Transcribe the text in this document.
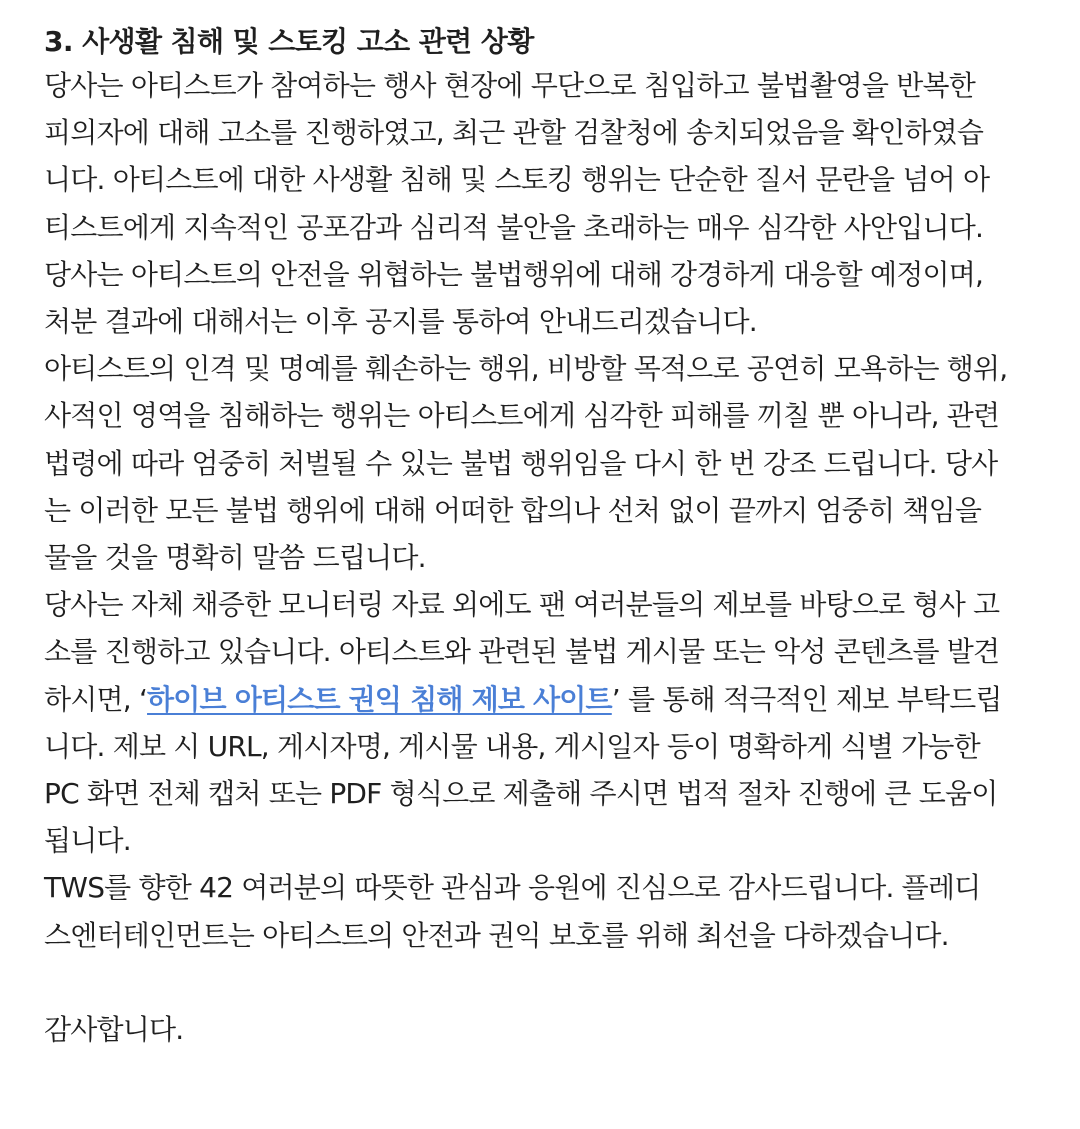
3. 사생활 침해 및 스토킹 고소 관련 상황

당사는 아티스트가 참여하는 행사 현장에 무단으로 침입하고 불법촬영을 반복한
피의자에 대해 고소를 진행하였고, 최근 관할 검찰청에 송치되었음을 확인하였습
니다. 아티스트에 대한 사생활 침해 및 스토킹 행위는 단순한 질서 문란을 넘어 아
티스트에게 지속적인 공포감과 심리적 불안을 초래하는 매우 심각한 사안입니다.
당사는 아티스트의 안전을 위협하는 불법행위에 대해 강경하게 대응할 예정이며,
처분 결과에 대해서는 이후 공지를 통하여 안내드리겠습니다.

아티스트의 인격 및 명예를 훼손하는 행위, 비방할 목적으로 공연히 모욕하는 행위,
사적인 영역을 침해하는 행위는 아티스트에게 심각한 피해를 끼칠 뿐 아니라, 관련
법령에 따라 엄중히 처벌될 수 있는 불법 행위임을 다시 한 번 강조 드립니다. 당사
는 이러한 모든 불법 행위에 대해 어떠한 합의나 선처 없이 끝까지 엄중히 책임을
물을 것을 명확히 말씀 드립니다.

당사는 자체 채증한 모니터링 자료 외에도 팬 여러분들의 제보를 바탕으로 형사 고
소를 진행하고 있습니다. 아티스트와 관련된 불법 게시물 또는 악성 콘텐츠를 발견
하시면, ‘하이브 아티스트 권익 침해 제보 사이트’ 를 통해 적극적인 제보 부탁드립
니다. 제보 시 URL, 게시자명, 게시물 내용, 게시일자 등이 명확하게 식별 가능한
PC 화면 전체 캡처 또는 PDF 형식으로 제출해 주시면 법적 절차 진행에 큰 도움이
됩니다.

TWS를 향한 42 여러분의 따뜻한 관심과 응원에 진심으로 감사드립니다. 플레디
스엔터테인먼트는 아티스트의 안전과 권익 보호를 위해 최선을 다하겠습니다.

감사합니다.
